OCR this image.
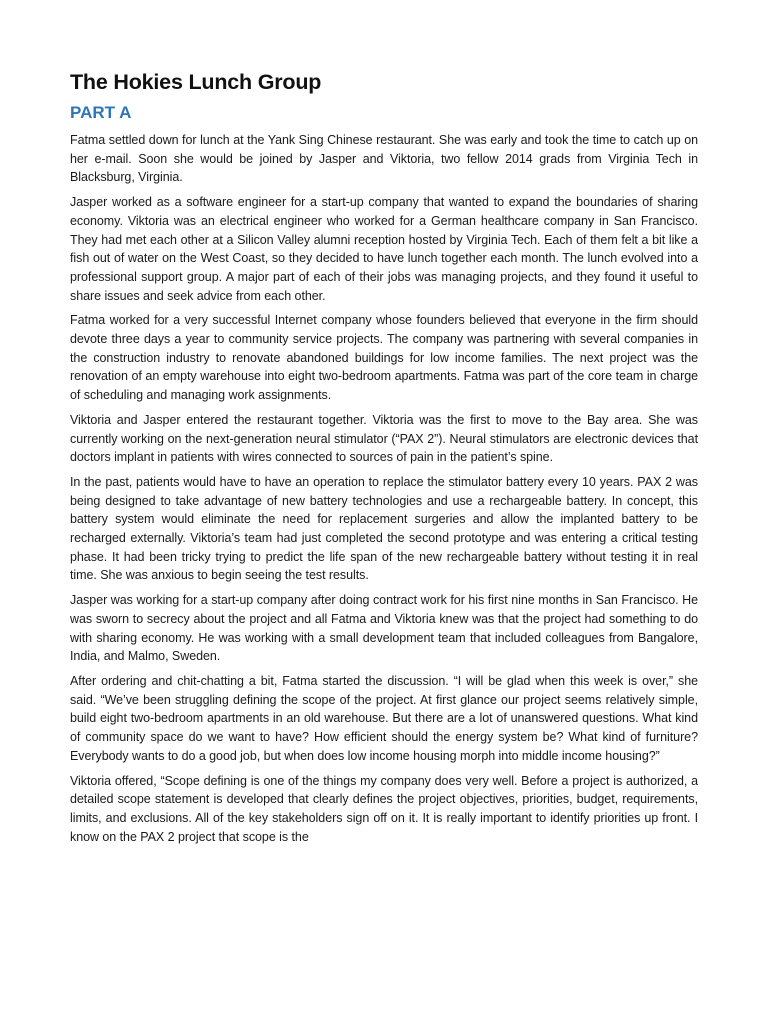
The Hokies Lunch Group
PART A

Fatma settled down for lunch at the Yank Sing Chinese restaurant. She was early and took the time to catch up on her e-mail. Soon she would be joined by Jasper and Viktoria, two fellow 2014 grads from Virginia Tech in Blacksburg, Virginia.

Jasper worked as a software engineer for a start-up company that wanted to expand the boundaries of sharing economy. Viktoria was an electrical engineer who worked for a German healthcare company in San Francisco. They had met each other at a Silicon Valley alumni reception hosted by Virginia Tech. Each of them felt a bit like a fish out of water on the West Coast, so they decided to have lunch together each month. The lunch evolved into a professional support group. A major part of each of their jobs was managing projects, and they found it useful to share issues and seek advice from each other.

Fatma worked for a very successful Internet company whose founders believed that everyone in the firm should devote three days a year to community service projects. The company was partnering with several companies in the construction industry to renovate abandoned buildings for low income families. The next project was the renovation of an empty warehouse into eight two-bedroom apartments. Fatma was part of the core team in charge of scheduling and managing work assignments.

Viktoria and Jasper entered the restaurant together. Viktoria was the first to move to the Bay area. She was currently working on the next-generation neural stimulator (“PAX 2”). Neural stimulators are electronic devices that doctors implant in patients with wires connected to sources of pain in the patient’s spine.

In the past, patients would have to have an operation to replace the stimulator battery every 10 years. PAX 2 was being designed to take advantage of new battery technologies and use a rechargeable battery. In concept, this battery system would eliminate the need for replacement surgeries and allow the implanted battery to be recharged externally. Viktoria’s team had just completed the second prototype and was entering a critical testing phase. It had been tricky trying to predict the life span of the new rechargeable battery without testing it in real time. She was anxious to begin seeing the test results.

Jasper was working for a start-up company after doing contract work for his first nine months in San Francisco. He was sworn to secrecy about the project and all Fatma and Viktoria knew was that the project had something to do with sharing economy. He was working with a small development team that included colleagues from Bangalore, India, and Malmo, Sweden.

After ordering and chit-chatting a bit, Fatma started the discussion. “I will be glad when this week is over,” she said. “We’ve been struggling defining the scope of the project. At first glance our project seems relatively simple, build eight two-bedroom apartments in an old warehouse. But there are a lot of unanswered questions. What kind of community space do we want to have? How efficient should the energy system be? What kind of furniture? Everybody wants to do a good job, but when does low income housing morph into middle income housing?”

Viktoria offered, “Scope defining is one of the things my company does very well. Before a project is authorized, a detailed scope statement is developed that clearly defines the project objectives, priorities, budget, requirements, limits, and exclusions. All of the key stakeholders sign off on it. It is really important to identify priorities up front. I know on the PAX 2 project that scope is the
